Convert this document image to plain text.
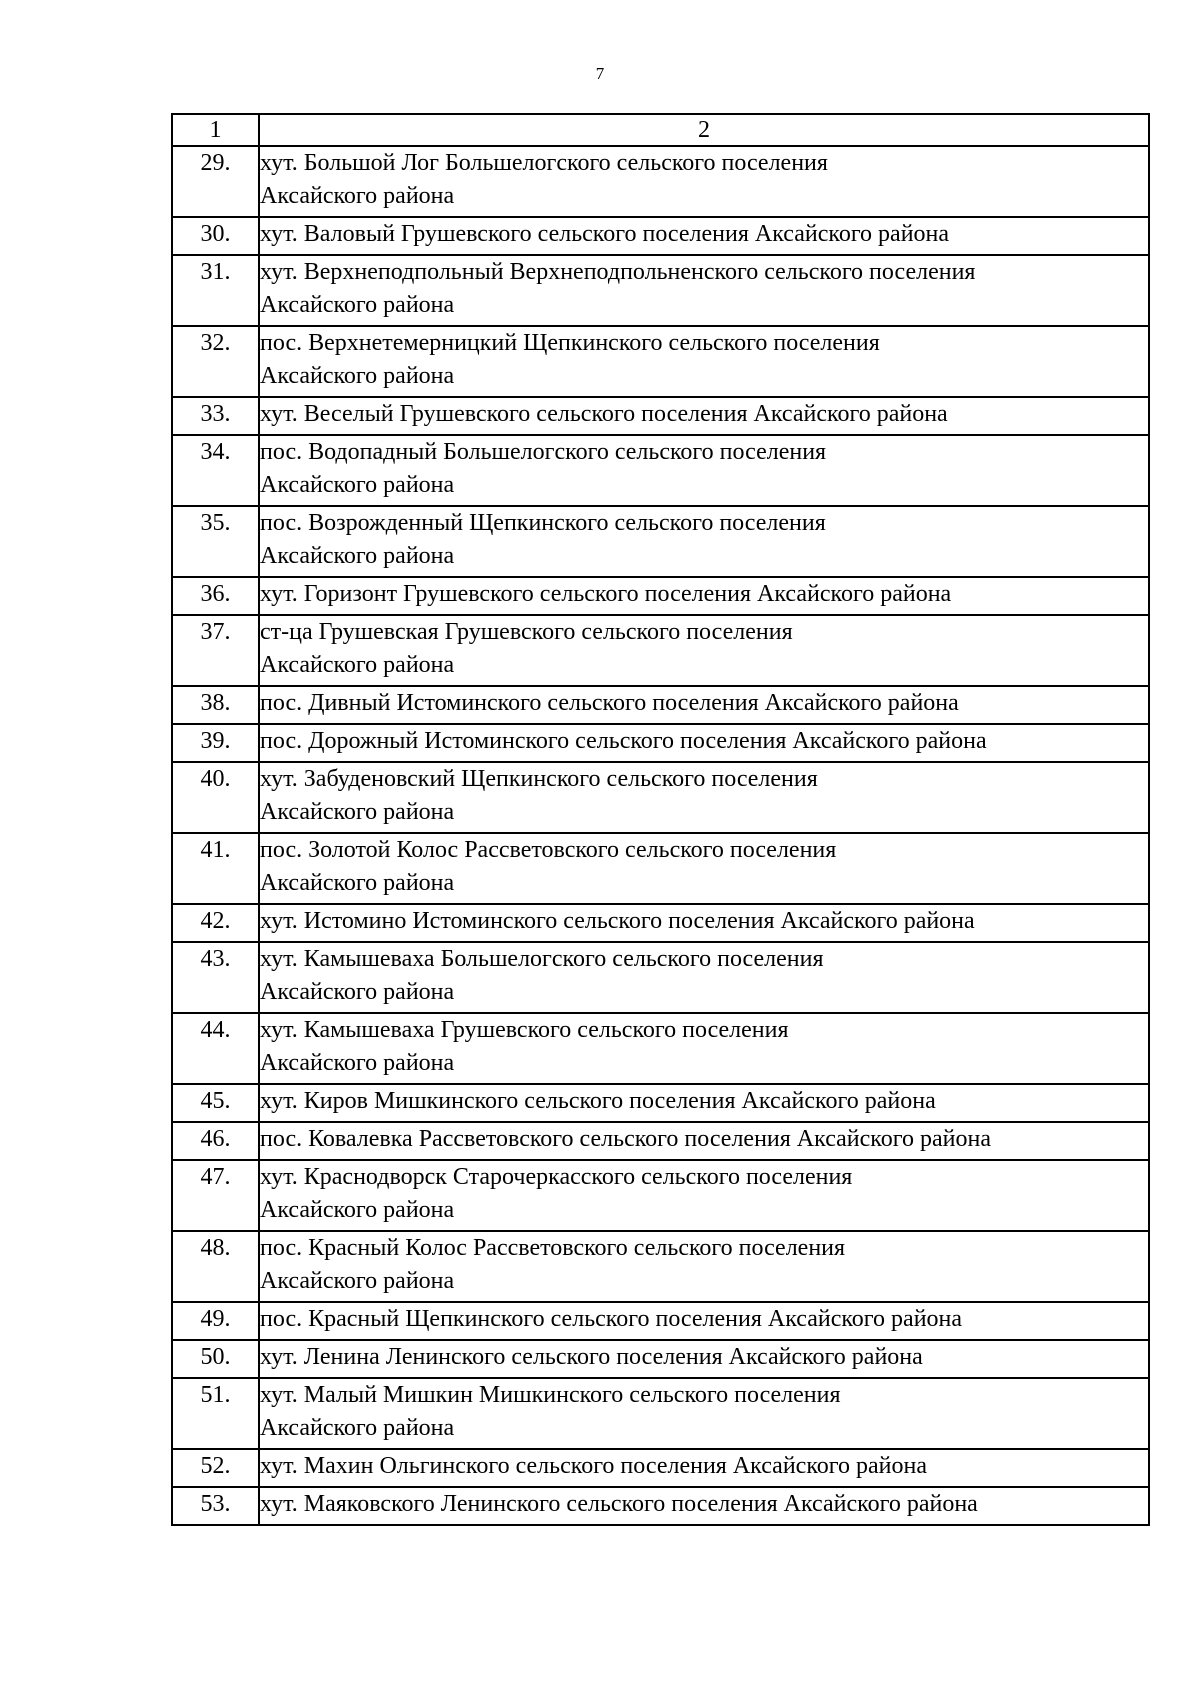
7
1	2
29.	хут. Большой Лог Большелогского сельского поселения
Аксайского района

30.	хут. Валовый Грушевского сельского поселения Аксайского района

31.	хут. Верхнеподпольный Верхнеподпольненского сельского поселения
Аксайского района

32.	пос. Верхнетемерницкий Щепкинского сельского поселения
Аксайского района

33.	хут. Веселый Грушевского сельского поселения Аксайского района

34.	пос. Водопадный Большелогского сельского поселения
Аксайского района

35.	пос. Возрожденный Щепкинского сельского поселения
Аксайского района

36.	хут. Горизонт Грушевского сельского поселения Аксайского района

37.	ст-ца Грушевская Грушевского сельского поселения
Аксайского района

38.	пос. Дивный Истоминского сельского поселения Аксайского района

39.	пос. Дорожный Истоминского сельского поселения Аксайского района

40.	хут. Забуденовский Щепкинского сельского поселения
Аксайского района

41.	пос. Золотой Колос Рассветовского сельского поселения
Аксайского района

42.	хут. Истомино Истоминского сельского поселения Аксайского района

43.	хут. Камышеваха Большелогского сельского поселения
Аксайского района

44.	хут. Камышеваха Грушевского сельского поселения
Аксайского района

45.	хут. Киров Мишкинского сельского поселения Аксайского района

46.	пос. Ковалевка Рассветовского сельского поселения Аксайского района

47.	хут. Краснодворск Старочеркасского сельского поселения
Аксайского района

48.	пос. Красный Колос Рассветовского сельского поселения
Аксайского района

49.	пос. Красный Щепкинского сельского поселения Аксайского района

50.	хут. Ленина Ленинского сельского поселения Аксайского района

51.	хут. Малый Мишкин Мишкинского сельского поселения
Аксайского района

52.	хут. Махин Ольгинского сельского поселения Аксайского района

53.	хут. Маяковского Ленинского сельского поселения Аксайского района
